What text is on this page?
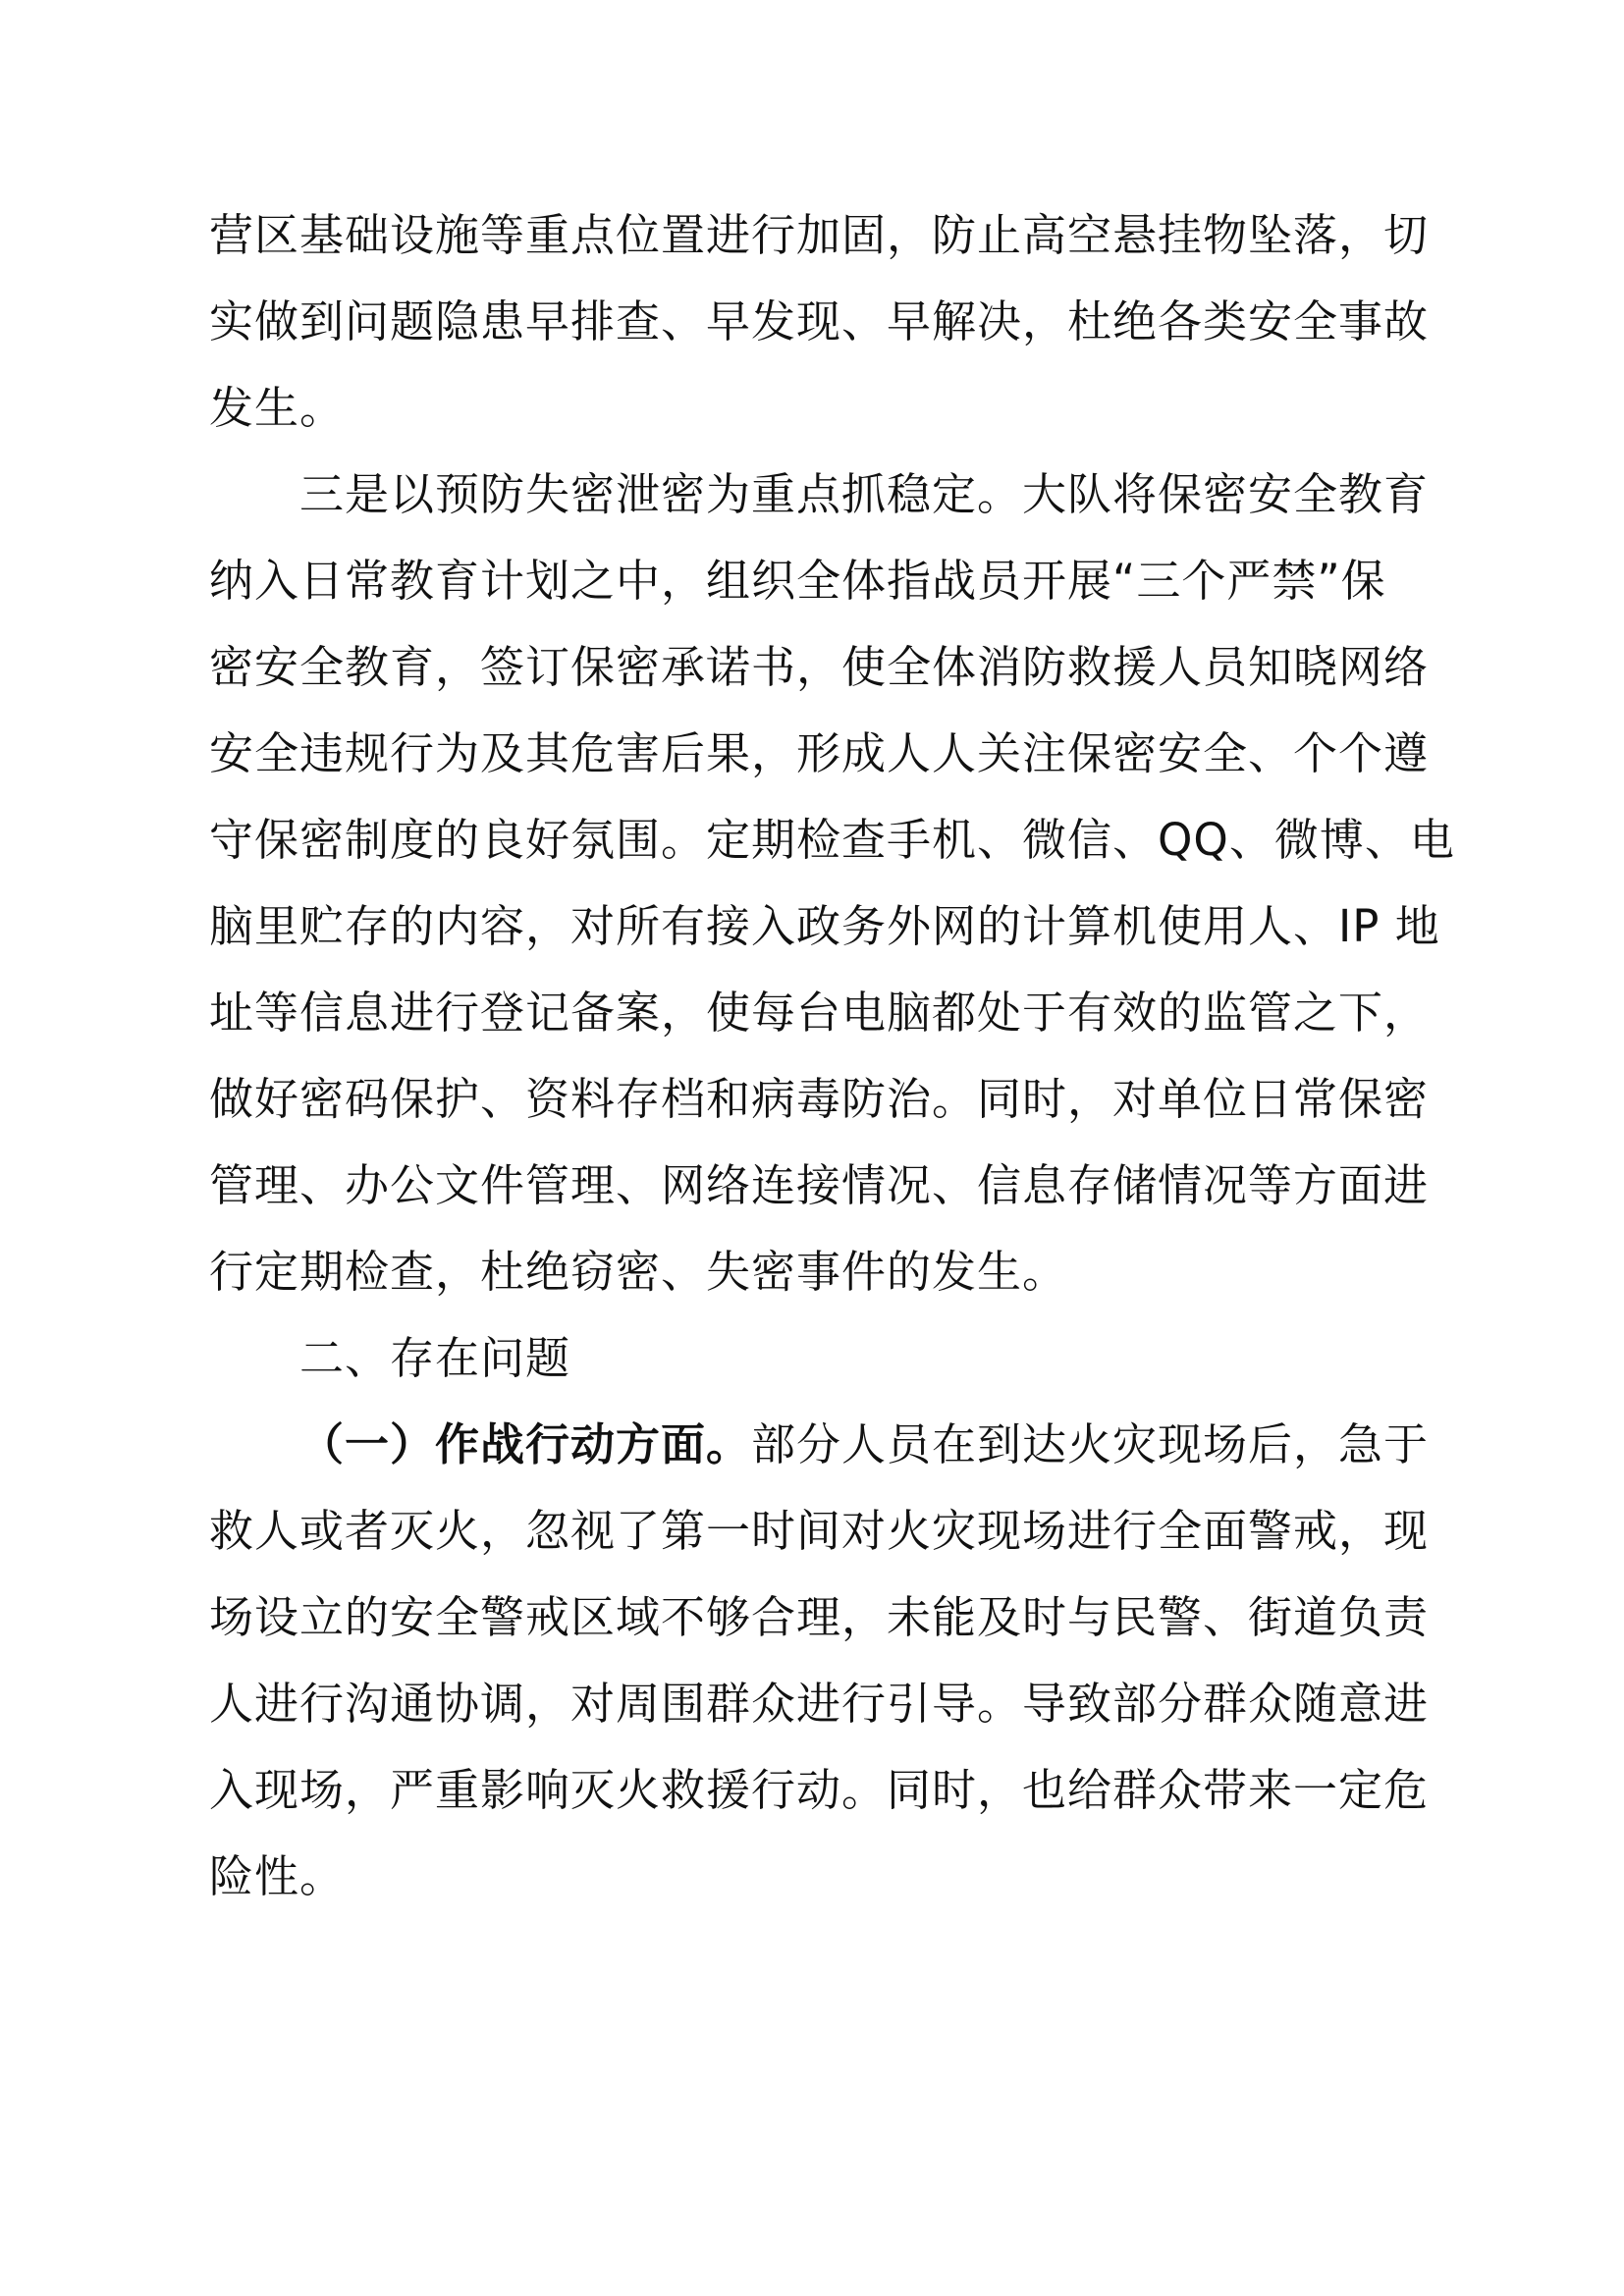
营区基础设施等重点位置进行加固，防止高空悬挂物坠落，切
实做到问题隐患早排查、早发现、早解决，杜绝各类安全事故
发生。
三是以预防失密泄密为重点抓稳定。大队将保密安全教育
纳入日常教育计划之中，组织全体指战员开展“三个严禁”保
密安全教育，签订保密承诺书，使全体消防救援人员知晓网络
安全违规行为及其危害后果，形成人人关注保密安全、个个遵
守保密制度的良好氛围。定期检查手机、微信、QQ、微博、电
脑里贮存的内容，对所有接入政务外网的计算机使用人、IP 地
址等信息进行登记备案，使每台电脑都处于有效的监管之下，
做好密码保护、资料存档和病毒防治。同时，对单位日常保密
管理、办公文件管理、网络连接情况、信息存储情况等方面进
行定期检查，杜绝窃密、失密事件的发生。
二、存在问题
（一）作战行动方面。部分人员在到达火灾现场后，急于
救人或者灭火，忽视了第一时间对火灾现场进行全面警戒，现
场设立的安全警戒区域不够合理，未能及时与民警、街道负责
人进行沟通协调，对周围群众进行引导。导致部分群众随意进
入现场，严重影响灭火救援行动。同时，也给群众带来一定危
险性。
